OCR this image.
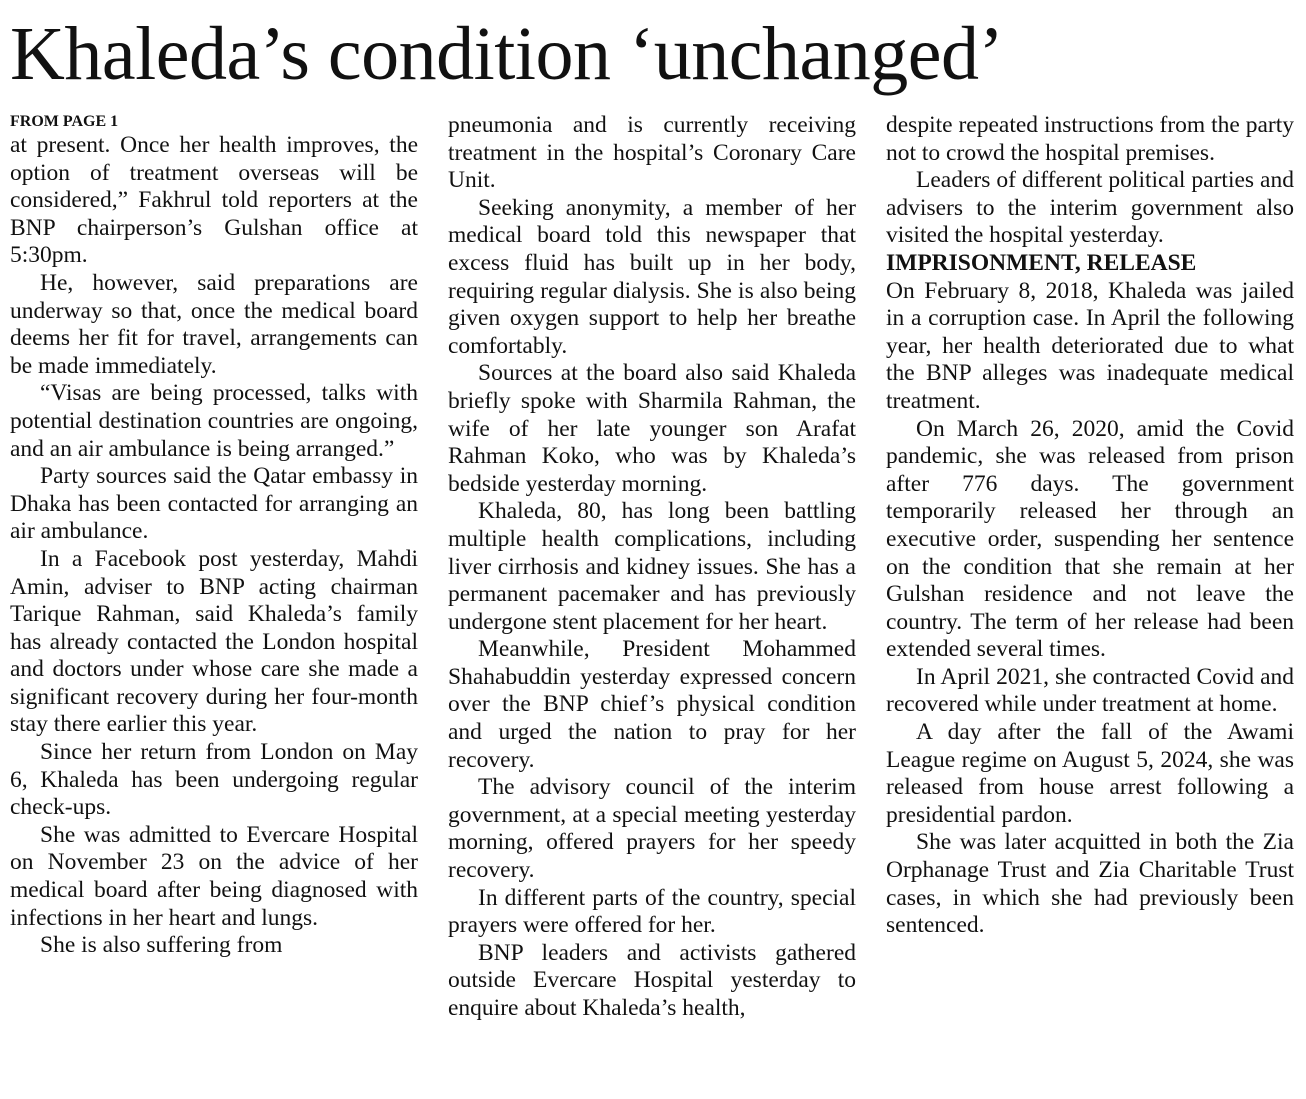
Khaleda’s condition ‘unchanged’
FROM PAGE 1

at present. Once her health improves, the option of treatment overseas will be considered,” Fakhrul told reporters at the BNP chairperson’s Gulshan office at 5:30pm.

He, however, said preparations are underway so that, once the medical board deems her fit for travel, arrangements can be made immediately.

“Visas are being processed, talks with potential destination countries are ongoing, and an air ambulance is being arranged.”

Party sources said the Qatar embassy in Dhaka has been contacted for arranging an air ambulance.

In a Facebook post yesterday, Mahdi Amin, adviser to BNP acting chairman Tarique Rahman, said Khaleda’s family has already contacted the London hospital and doctors under whose care she made a significant recovery during her four-month stay there earlier this year.

Since her return from London on May 6, Khaleda has been undergoing regular check-ups.

She was admitted to Evercare Hospital on November 23 on the advice of her medical board after being diagnosed with infections in her heart and lungs.

She is also suffering from

pneumonia and is currently receiving treatment in the hospital’s Coronary Care Unit.

Seeking anonymity, a member of her medical board told this newspaper that excess fluid has built up in her body, requiring regular dialysis. She is also being given oxygen support to help her breathe comfortably.

Sources at the board also said Khaleda briefly spoke with Sharmila Rahman, the wife of her late younger son Arafat Rahman Koko, who was by Khaleda’s bedside yesterday morning.

Khaleda, 80, has long been battling multiple health complications, including liver cirrhosis and kidney issues. She has a permanent pacemaker and has previously undergone stent placement for her heart.

Meanwhile, President Mohammed Shahabuddin yesterday expressed concern over the BNP chief’s physical condition and urged the nation to pray for her recovery.

The advisory council of the interim government, at a special meeting yesterday morning, offered prayers for her speedy recovery.

In different parts of the country, special prayers were offered for her.

BNP leaders and activists gathered outside Evercare Hospital yesterday to enquire about Khaleda’s health,

despite repeated instructions from the party not to crowd the hospital premises.

Leaders of different political parties and advisers to the interim government also visited the hospital yesterday.

IMPRISONMENT, RELEASE

On February 8, 2018, Khaleda was jailed in a corruption case. In April the following year, her health deteriorated due to what the BNP alleges was inadequate medical treatment.

On March 26, 2020, amid the Covid pandemic, she was released from prison after 776 days. The government temporarily released her through an executive order, suspending her sentence on the condition that she remain at her Gulshan residence and not leave the country. The term of her release had been extended several times.

In April 2021, she contracted Covid and recovered while under treatment at home.

A day after the fall of the Awami League regime on August 5, 2024, she was released from house arrest following a presidential pardon.

She was later acquitted in both the Zia Orphanage Trust and Zia Charitable Trust cases, in which she had previously been sentenced.
